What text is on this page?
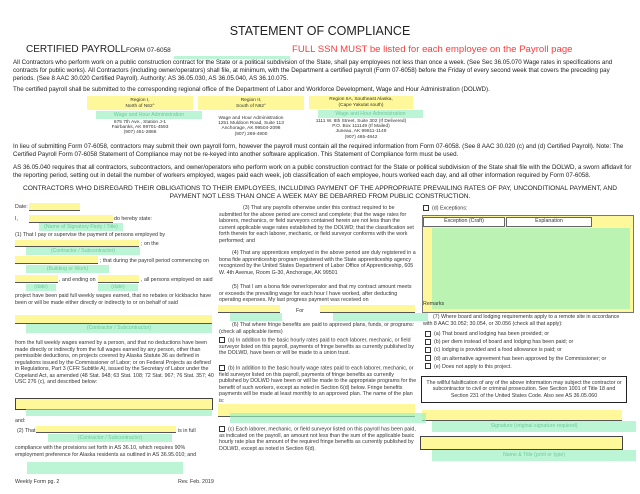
STATEMENT OF COMPLIANCE
CERTIFIED PAYROLL FORM 07-6058	FULL SSN MUST be listed for each employee on the Payroll page
All Contractors who perform work on a public construction contract for the State or a political subdivision of the State, shall pay employees not less than once a week. (See Sec 36.05.070 Wage rates in specifications and contracts for public works). All Contractors (including owner/operators) shall file, at minimum, with the Department a certified payroll (Form 07-6058) before the Friday of every second week that covers the preceding pay periods. (See 8 AAC 30.020 Certified Payroll). Authority: AS 36.05.030, AS 36.05.040, AS 36.10.075.
The certified payroll shall be submitted to the corresponding regional office of the Department of Labor and Workforce Development, Wage and Hour Administration (DOLWD).
Region I,
North of N62°
Wage and Hour Administration
675 7th Ave., Station J-1
Fairbanks, AK 99701-4593
(907) 451-2886
Region II,
South of N62°
Wage and Hour Administration
1251 Muldoon Road, Suite 113
Anchorage, AK 99504-2098
(907) 269-4900
Region IIA, Southeast Alaska,
(Cape Yakutat south)
Wage and Hour Administration
1111 W. 8th Street, Suite 302 (If Delivered)
P.O. Box 111149 (If Mailed)
Juneau, AK 99811-1149
(907) 465-4842
In lieu of submitting Form 07-6058, contractors may submit their own payroll form, however the payroll must contain all the required information from Form 07-6058. (See 8 AAC 30.020 (c) and (d) Certified Payroll). Note: The Certified Payroll Form 07-6058 Statement of Compliance may not be re-keyed into another software application. This Statement of Compliance form must be used.
AS 36.05.040 requires that all contractors, subcontractors, and owner/operators who perform work on a public construction contract for the State or political subdivision of the State shall file with the DOLWD, a sworn affidavit for the reporting period, setting out in detail the number of workers employed, wages paid each week, job classification of each employee, hours worked each day, and all other information required by Form 07-6058.
CONTRACTORS WHO DISREGARD THEIR OBLIGATIONS TO THEIR EMPLOYEES, INCLUDING PAYMENT OF THE APPROPRIATE PREVAILING RATES OF PAY, UNCONDITIONAL PAYMENT, AND PAYMENT NOT LESS THAN ONCE A WEEK MAY BE DEBARRED FROM PUBLIC CONSTRUCTION.
Date:
I,	do hereby state:
(Name of Signatory Party / Title)
(1) That I pay or supervise the payment of persons employed by
; on the
(Contractor / Subcontractor)
; that during the payroll period commencing on
(Building or Work)
, and ending on	, all persons employed on said
(date)	(date)
project have been paid full weekly wages earned, that no rebates or kickbacks have been or will be made either directly or indirectly to or on behalf of said
(Contractor / Subcontractor)
from the full weekly wages earned by a person, and that no deductions have been made directly or indirectly from the full wages earned by any person, other than permissible deductions, on projects covered by Alaska Statute 36 as defined in regulations issued by the Commissioner of Labor; or on Federal Projects as defined in Regulations, Part 3 (CFR Subtitle A), issued by the Secretary of Labor under the Copeland Act, as amended (48 Stat. 948; 63 Stat. 108; 72 Stat. 967; 76 Stat. 357; 40 USC 276 (c), and described below:
and:
(2) That	is in full
(Contractor / Subcontractor)
compliance with the provisions set forth in AS 36.10, which requires 90% employment preference for Alaska residents as outlined in AS 36.95.010; and
(3) That any payrolls otherwise under this contract required to be submitted for the above period are correct and complete; that the wage rates for laborers, mechanics, or field surveyors contained herein are not less than the current applicable wage rates established by the DOLWD; that the classification set forth therein for each laborer, mechanic, or field surveyor conforms with the work performed; and
(4) That any apprentices employed in the above period are duly registered in a bona fide apprenticeship program registered with the State apprenticeship agency recognized by the United States Department of Labor Office of Apprenticeship, 605 W. 4th Avenue, Room G-30, Anchorage, AK 99501
(5) That I am a bona fide owner/operator and that my contract amount meets or exceeds the prevailing wage for each hour I have worked, after deducting operating expenses. My last progress payment was received on
For
(6) That where fringe benefits are paid to approved plans, funds, or programs: (check all applicable items)
(a) In addition to the basic hourly rates paid to each laborer, mechanic, or field surveyor listed on this payroll, payments of fringe benefits as currently published by the DOLWD, have been or will be made to a union trust.
(b) In addition to the basic hourly wage rates paid to each laborer, mechanic, or field surveyor listed on this payroll, payments of fringe benefits as currently published by DOLWD have been or will be made to the appropriate programs for the benefit of such workers, except as noted in Section 6(d) below. Fringe benefits payments will be made at least monthly to an approved plan. The name of the plan is:
(c) Each laborer, mechanic, or field surveyor listed on this payroll has been paid, as indicated on the payroll, an amount not less than the sum of the applicable basic hourly rate plus the amount of the required fringe benefits as currently published by DOLWD, except as noted in Section 6(d).
(d) Exceptions:
Exception (Craft)	Explanation
Remarks
(7) Where board and lodging requirements apply to a remote site in accordance with 8 AAC 30.052; 30.054, or 30.056 (check all that apply):
(a) That board and lodging has been provided; or
(b) per diem instead of board and lodging has been paid; or
(c) lodging is provided and a food allowance is paid; or
(d) an alternative agreement has been approved by the Commissioner; or
(e) Does not apply to this project.
The willful falsification of any of the above information may subject the contractor or subcontractor to civil or criminal prosecution. See Section 1001 of Title 18 and Section 231 of the United States Code. Also see AS 36.05.060
Signature (original signature required)
Name & Title (print or type)
Weekly Form pg. 2	Rev. Feb. 2019
